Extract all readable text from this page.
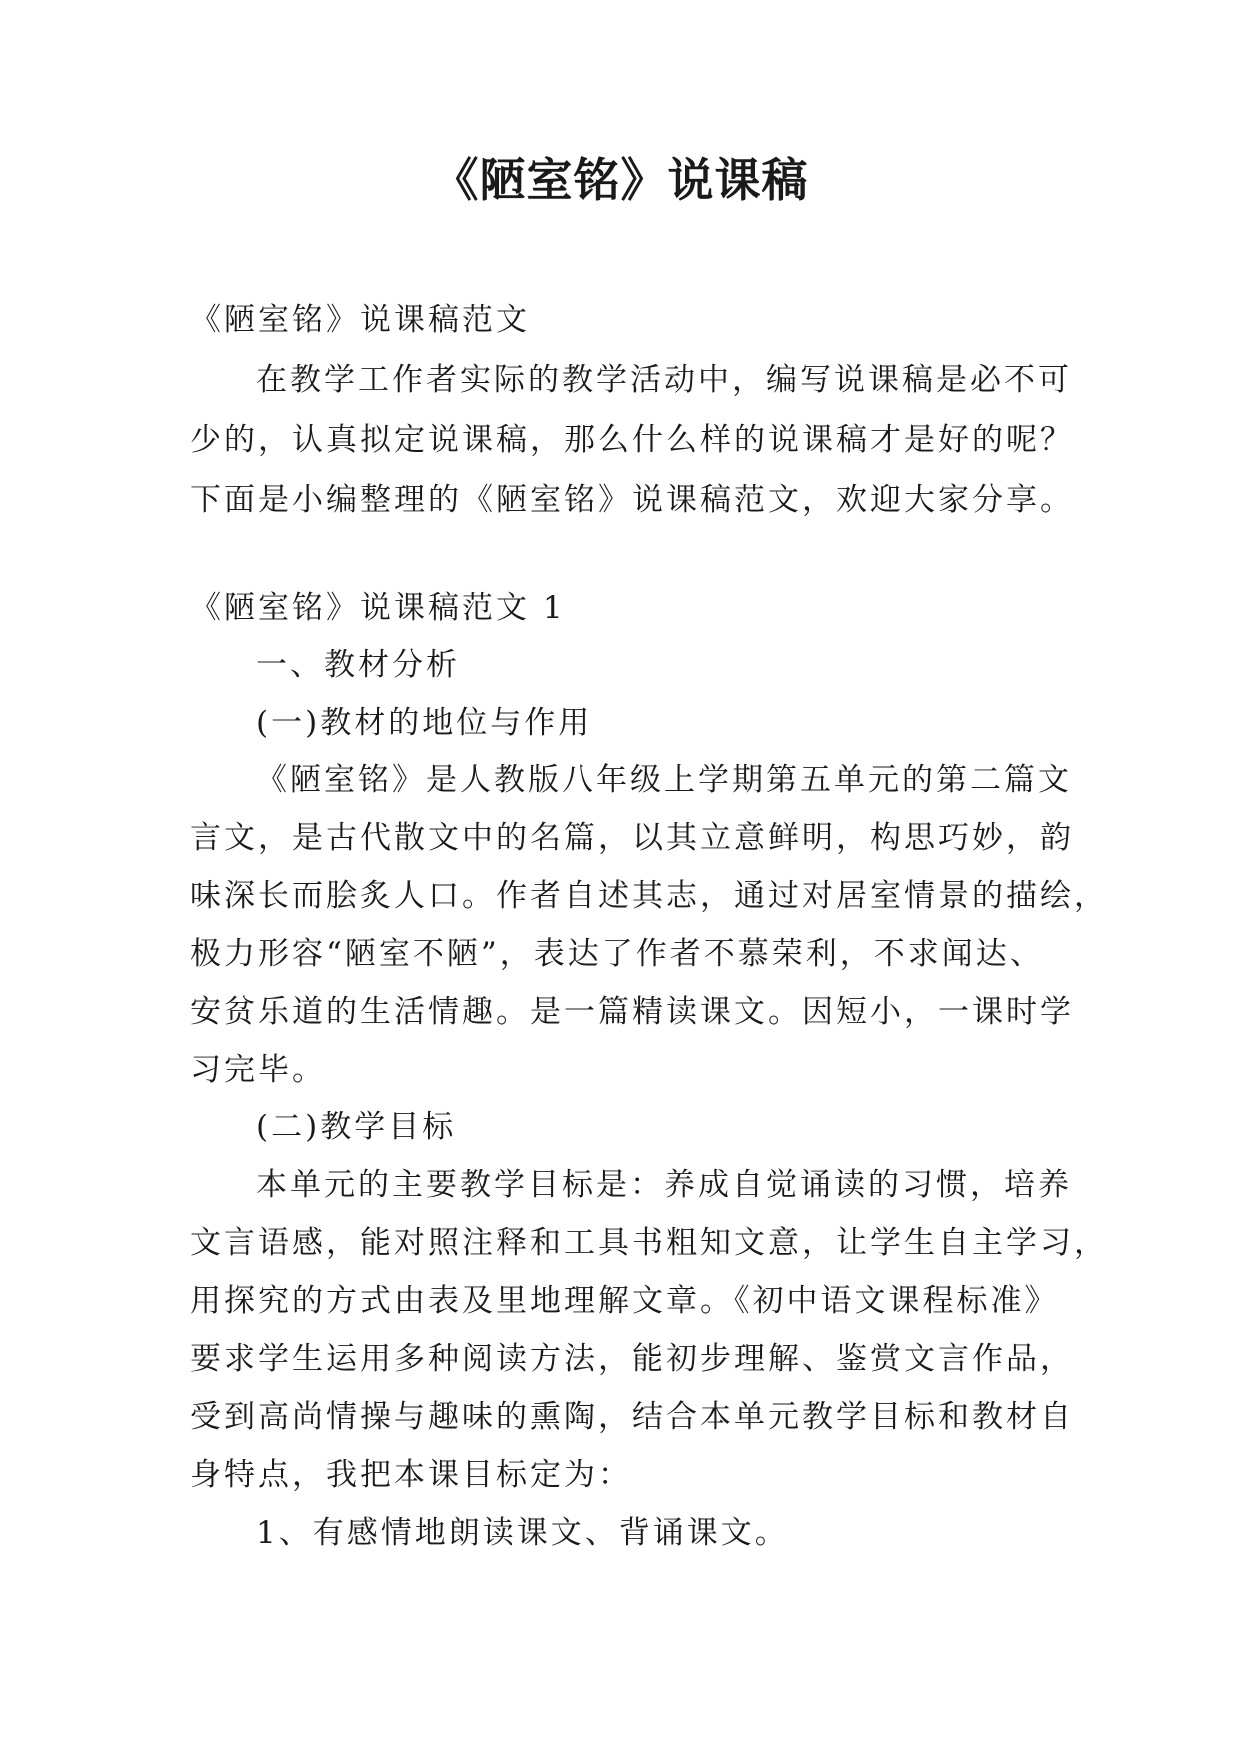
《陋室铭》说课稿
《陋室铭》说课稿范文
在教学工作者实际的教学活动中，编写说课稿是必不可
少的，认真拟定说课稿，那么什么样的说课稿才是好的呢？
下面是小编整理的《陋室铭》说课稿范文，欢迎大家分享。
《陋室铭》说课稿范文 1
一、教材分析
(一)教材的地位与作用
《陋室铭》是人教版八年级上学期第五单元的第二篇文
言文，是古代散文中的名篇，以其立意鲜明，构思巧妙，韵
味深长而脍炙人口。作者自述其志，通过对居室情景的描绘，
极力形容“陋室不陋”，表达了作者不慕荣利，不求闻达、
安贫乐道的生活情趣。是一篇精读课文。因短小，一课时学
习完毕。
(二)教学目标
本单元的主要教学目标是：养成自觉诵读的习惯，培养
文言语感，能对照注释和工具书粗知文意，让学生自主学习，
用探究的方式由表及里地理解文章。《初中语文课程标准》
要求学生运用多种阅读方法，能初步理解、鉴赏文言作品，
受到高尚情操与趣味的熏陶，结合本单元教学目标和教材自
身特点，我把本课目标定为：
1、有感情地朗读课文、背诵课文。
